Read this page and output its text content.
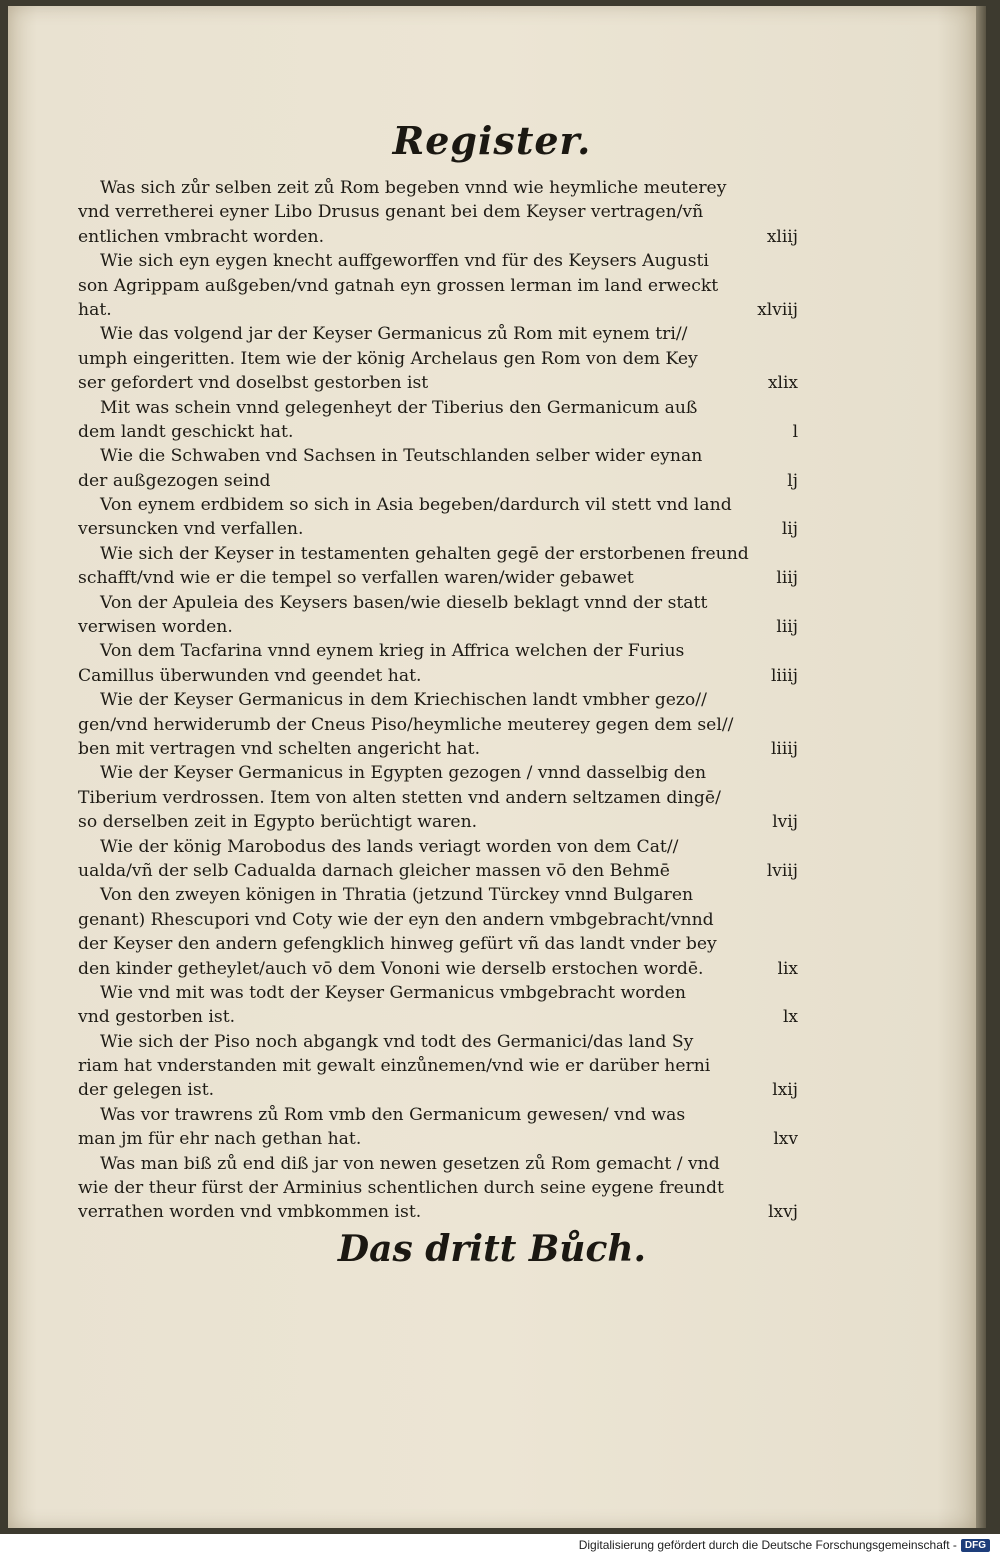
Register.
Was sich zůr selben zeit zů Rom begeben vnnd wie heymliche meuterey
vnd verretherei eyner Libo Drusus genant bei dem Keyser vertragen/vñ
entlichen vmbracht worden.	xliij
Wie sich eyn eygen knecht auffgeworffen vnd für des Keysers Augusti
son Agrippam außgeben/vnd gatnah eyn grossen lerman im land erweckt
hat.	xlviij
Wie das volgend jar der Keyser Germanicus zů Rom mit eynem tri//
umph eingeritten. Item wie der könig Archelaus gen Rom von dem Key
ser gefordert vnd doselbst gestorben ist	xlix
Mit was schein vnnd gelegenheyt der Tiberius den Germanicum auß
dem landt geschickt hat.	l
Wie die Schwaben vnd Sachsen in Teutschlanden selber wider eynan
der außgezogen seind	lj
Von eynem erdbidem so sich in Asia begeben/dardurch vil stett vnd land
versuncken vnd verfallen.	lij
Wie sich der Keyser in testamenten gehalten gegē der erstorbenen freund
schafft/vnd wie er die tempel so verfallen waren/wider gebawet	liij
Von der Apuleia des Keysers basen/wie dieselb beklagt vnnd der statt
verwisen worden.	liij
Von dem Tacfarina vnnd eynem krieg in Affrica welchen der Furius
Camillus überwunden vnd geendet hat.	liiij
Wie der Keyser Germanicus in dem Kriechischen landt vmbher gezo//
gen/vnd herwiderumb der Cneus Piso/heymliche meuterey gegen dem sel//
ben mit vertragen vnd schelten angericht hat.	liiij
Wie der Keyser Germanicus in Egypten gezogen / vnnd dasselbig den
Tiberium verdrossen. Item von alten stetten vnd andern seltzamen dingē/
so derselben zeit in Egypto berüchtigt waren.	lvij
Wie der könig Marobodus des lands veriagt worden von dem Cat//
ualda/vñ der selb Cadualda darnach gleicher massen vō den Behmē	lviij
Von den zweyen königen in Thratia (jetzund Türckey vnnd Bulgaren
genant) Rhescupori vnd Coty wie der eyn den andern vmbgebracht/vnnd
der Keyser den andern gefengklich hinweg gefürt vñ das landt vnder bey
den kinder getheylet/auch vō dem Vononi wie derselb erstochen wordē.	lix
Wie vnd mit was todt der Keyser Germanicus vmbgebracht worden
vnd gestorben ist.	lx
Wie sich der Piso noch abgangk vnd todt des Germanici/das land Sy
riam hat vnderstanden mit gewalt einzůnemen/vnd wie er darüber herni
der gelegen ist.	lxij
Was vor trawrens zů Rom vmb den Germanicum gewesen/ vnd was
man jm für ehr nach gethan hat.	lxv
Was man biß zů end diß jar von newen gesetzen zů Rom gemacht / vnd
wie der theur fürst der Arminius schentlichen durch seine eygene freundt
verrathen worden vnd vmbkommen ist.	lxvj
Das dritt Bůch.
Digitalisierung gefördert durch die Deutsche Forschungsgemeinschaft - DFG
